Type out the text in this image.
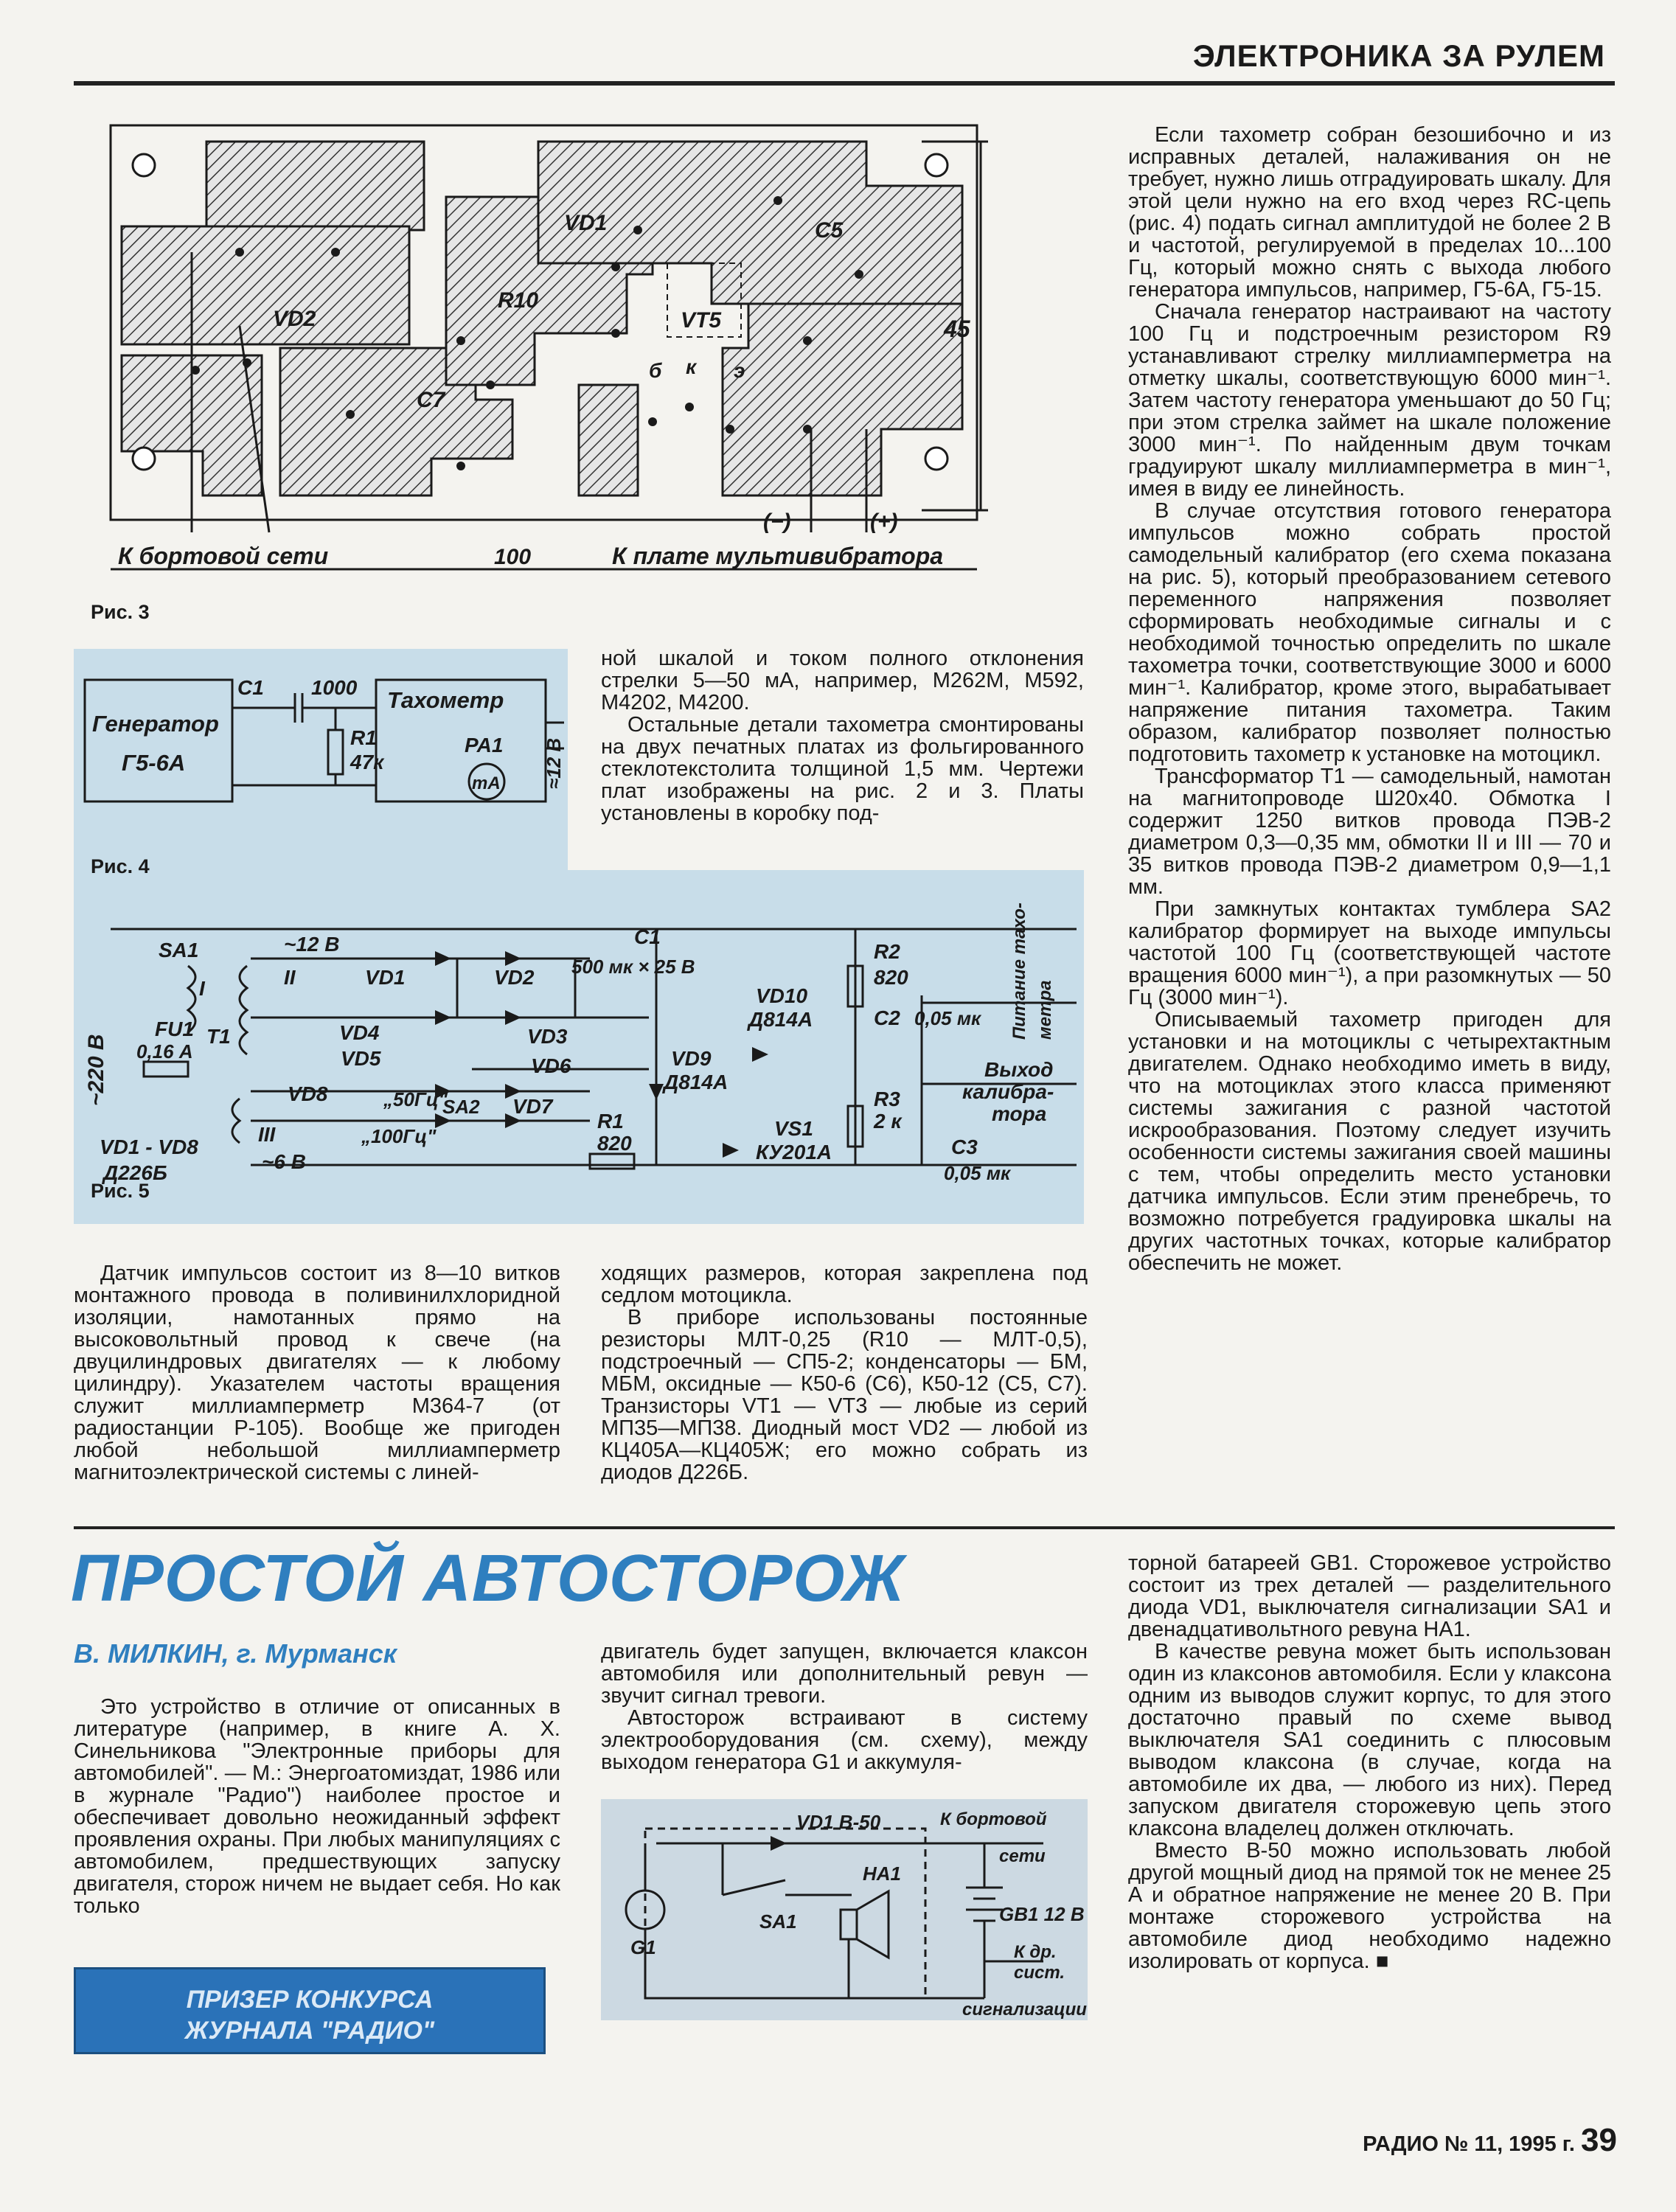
ЭЛЕКТРОНИКА ЗА РУЛЕМ
VD1
VD2
R10
C5
C7
VT5
б к э
45
100
(−)	(+)
К бортовой сети	К плате мультивибратора
Рис. 3
Генератор
Г5-6А
C1 1000
R1
47к
Тахометр
PA1
mA ≈12 В
Рис. 4
SA1
~220 В
FU1
0,16 А
I
T1
~12 В
II
III
~6 В
VD1	VD2
VD3
VD4
VD5	VD6
VD7
VD8
VD1 - VD8
Д226Б
„50Гц"
„100Гц"
SA2
C1
500 мк × 25 В
R2
820
VD10
Д814А	C2 0,05 мк
VD9
Д814А
R1
820
R3
2 к
VS1
КУ201А	C3
0,05 мк
Питание тахо- метра
Выход
калибра-
тора
Рис. 5

ной шкалой и током полного отклонения стрелки 5—50 мА, например, М262М, М592, М4202, М4200.

Остальные детали тахометра смонтированы на двух печатных платах из фольгированного стеклотекстолита толщиной 1,5 мм. Чертежи плат изображены на рис. 2 и 3. Платы установлены в коробку под-

Если тахометр собран безошибочно и из исправных деталей, налаживания он не требует, нужно лишь отградуировать шкалу. Для этой цели нужно на его вход через RC-цепь (рис. 4) подать сигнал амплитудой не более 2 В и частотой, регулируемой в пределах 10...100 Гц, который можно снять с выхода любого генератора импульсов, например, Г5-6А, Г5-15.

Сначала генератор настраивают на частоту 100 Гц и подстроечным резистором R9 устанавливают стрелку миллиамперметра на отметку шкалы, соответствующую 6000 мин⁻¹. Затем частоту генератора уменьшают до 50 Гц; при этом стрелка займет на шкале положение 3000 мин⁻¹. По найденным двум точкам градуируют шкалу миллиамперметра в мин⁻¹, имея в виду ее линейность.

В случае отсутствия готового генератора импульсов можно собрать простой самодельный калибратор (его схема показана на рис. 5), который преобразованием сетевого переменного напряжения позволяет сформировать необходимые сигналы и с необходимой точностью определить по шкале тахометра точки, соответствующие 3000 и 6000 мин⁻¹. Калибратор, кроме этого, вырабатывает напряжение питания тахометра. Таким образом, калибратор позволяет полностью подготовить тахометр к установке на мотоцикл.

Трансформатор Т1 — самодельный, намотан на магнитопроводе Ш20х40. Обмотка I содержит 1250 витков провода ПЭВ-2 диаметром 0,3—0,35 мм, обмотки II и III — 70 и 35 витков провода ПЭВ-2 диаметром 0,9—1,1 мм.

При замкнутых контактах тумблера SA2 калибратор формирует на выходе импульсы частотой 100 Гц (соответствующей частоте вращения 6000 мин⁻¹), а при разомкнутых — 50 Гц (3000 мин⁻¹).

Описываемый тахометр пригоден для установки и на мотоциклы с четырехтактным двигателем. Однако необходимо иметь в виду, что на мотоциклах этого класса применяют системы зажигания с разной частотой искрообразования. Поэтому следует изучить особенности системы зажигания своей машины с тем, чтобы определить место установки датчика импульсов. Если этим пренебречь, то возможно потребуется градуировка шкалы на других частотных точках, которые калибратор обеспечить не может.

Датчик импульсов состоит из 8—10 витков монтажного провода в поливинилхлоридной изоляции, намотанных прямо на высоковольтный провод к свече (на двуцилиндровых двигателях — к любому цилиндру). Указателем частоты вращения служит миллиамперметр М364-7 (от радиостанции Р-105). Вообще же пригоден любой небольшой миллиамперметр магнитоэлектрической системы с линей-

ходящих размеров, которая закреплена под седлом мотоцикла.

В приборе использованы постоянные резисторы МЛТ-0,25 (R10 — МЛТ-0,5), подстроечный — СП5-2; конденсаторы — БМ, МБМ, оксидные — К50-6 (С6), К50-12 (С5, С7). Транзисторы VT1 — VT3 — любые из серий МП35—МП38. Диодный мост VD2 — любой из КЦ405А—КЦ405Ж; его можно собрать из диодов Д226Б.

ПРОСТОЙ АВТОСТОРОЖ
В. МИЛКИН, г. Мурманск

Это устройство в отличие от описанных в литературе (например, в книге А. Х. Синельникова "Электронные приборы для автомобилей". — М.: Энергоатомиздат, 1986 или в журнале "Радио") наиболее простое и обеспечивает довольно неожиданный эффект проявления охраны. При любых манипуляциях с автомобилем, предшествующих запуску двигателя, сторож ничем не выдает себя. Но как только

ПРИЗЕР КОНКУРСА
ЖУРНАЛА "РАДИО"

двигатель будет запущен, включается клаксон автомобиля или дополнительный ревун — звучит сигнал тревоги.

Автосторож встраивают в систему электрооборудования (см. схему), между выходом генератора G1 и аккумуля-

VD1 В-50	К бортовой
сети
SA1
HA1
G1
GB1 12 В
К др.
сист.
сигнализации

торной батареей GB1. Сторожевое устройство состоит из трех деталей — разделительного диода VD1, выключателя сигнализации SA1 и двенадцативольтного ревуна НА1.

В качестве ревуна может быть использован один из клаксонов автомобиля. Если у клаксона одним из выводов служит корпус, то для этого достаточно правый по схеме вывод выключателя SA1 соединить с плюсовым выводом клаксона (в случае, когда на автомобиле их два, — любого из них). Перед запуском двигателя сторожевую цепь этого клаксона владелец должен отключать.

Вместо В-50 можно использовать любой другой мощный диод на прямой ток не менее 25 А и обратное напряжение не менее 20 В. При монтаже сторожевого устройства на автомобиле диод необходимо надежно изолировать от корпуса. ■

РАДИО № 11, 1995 г. 39
